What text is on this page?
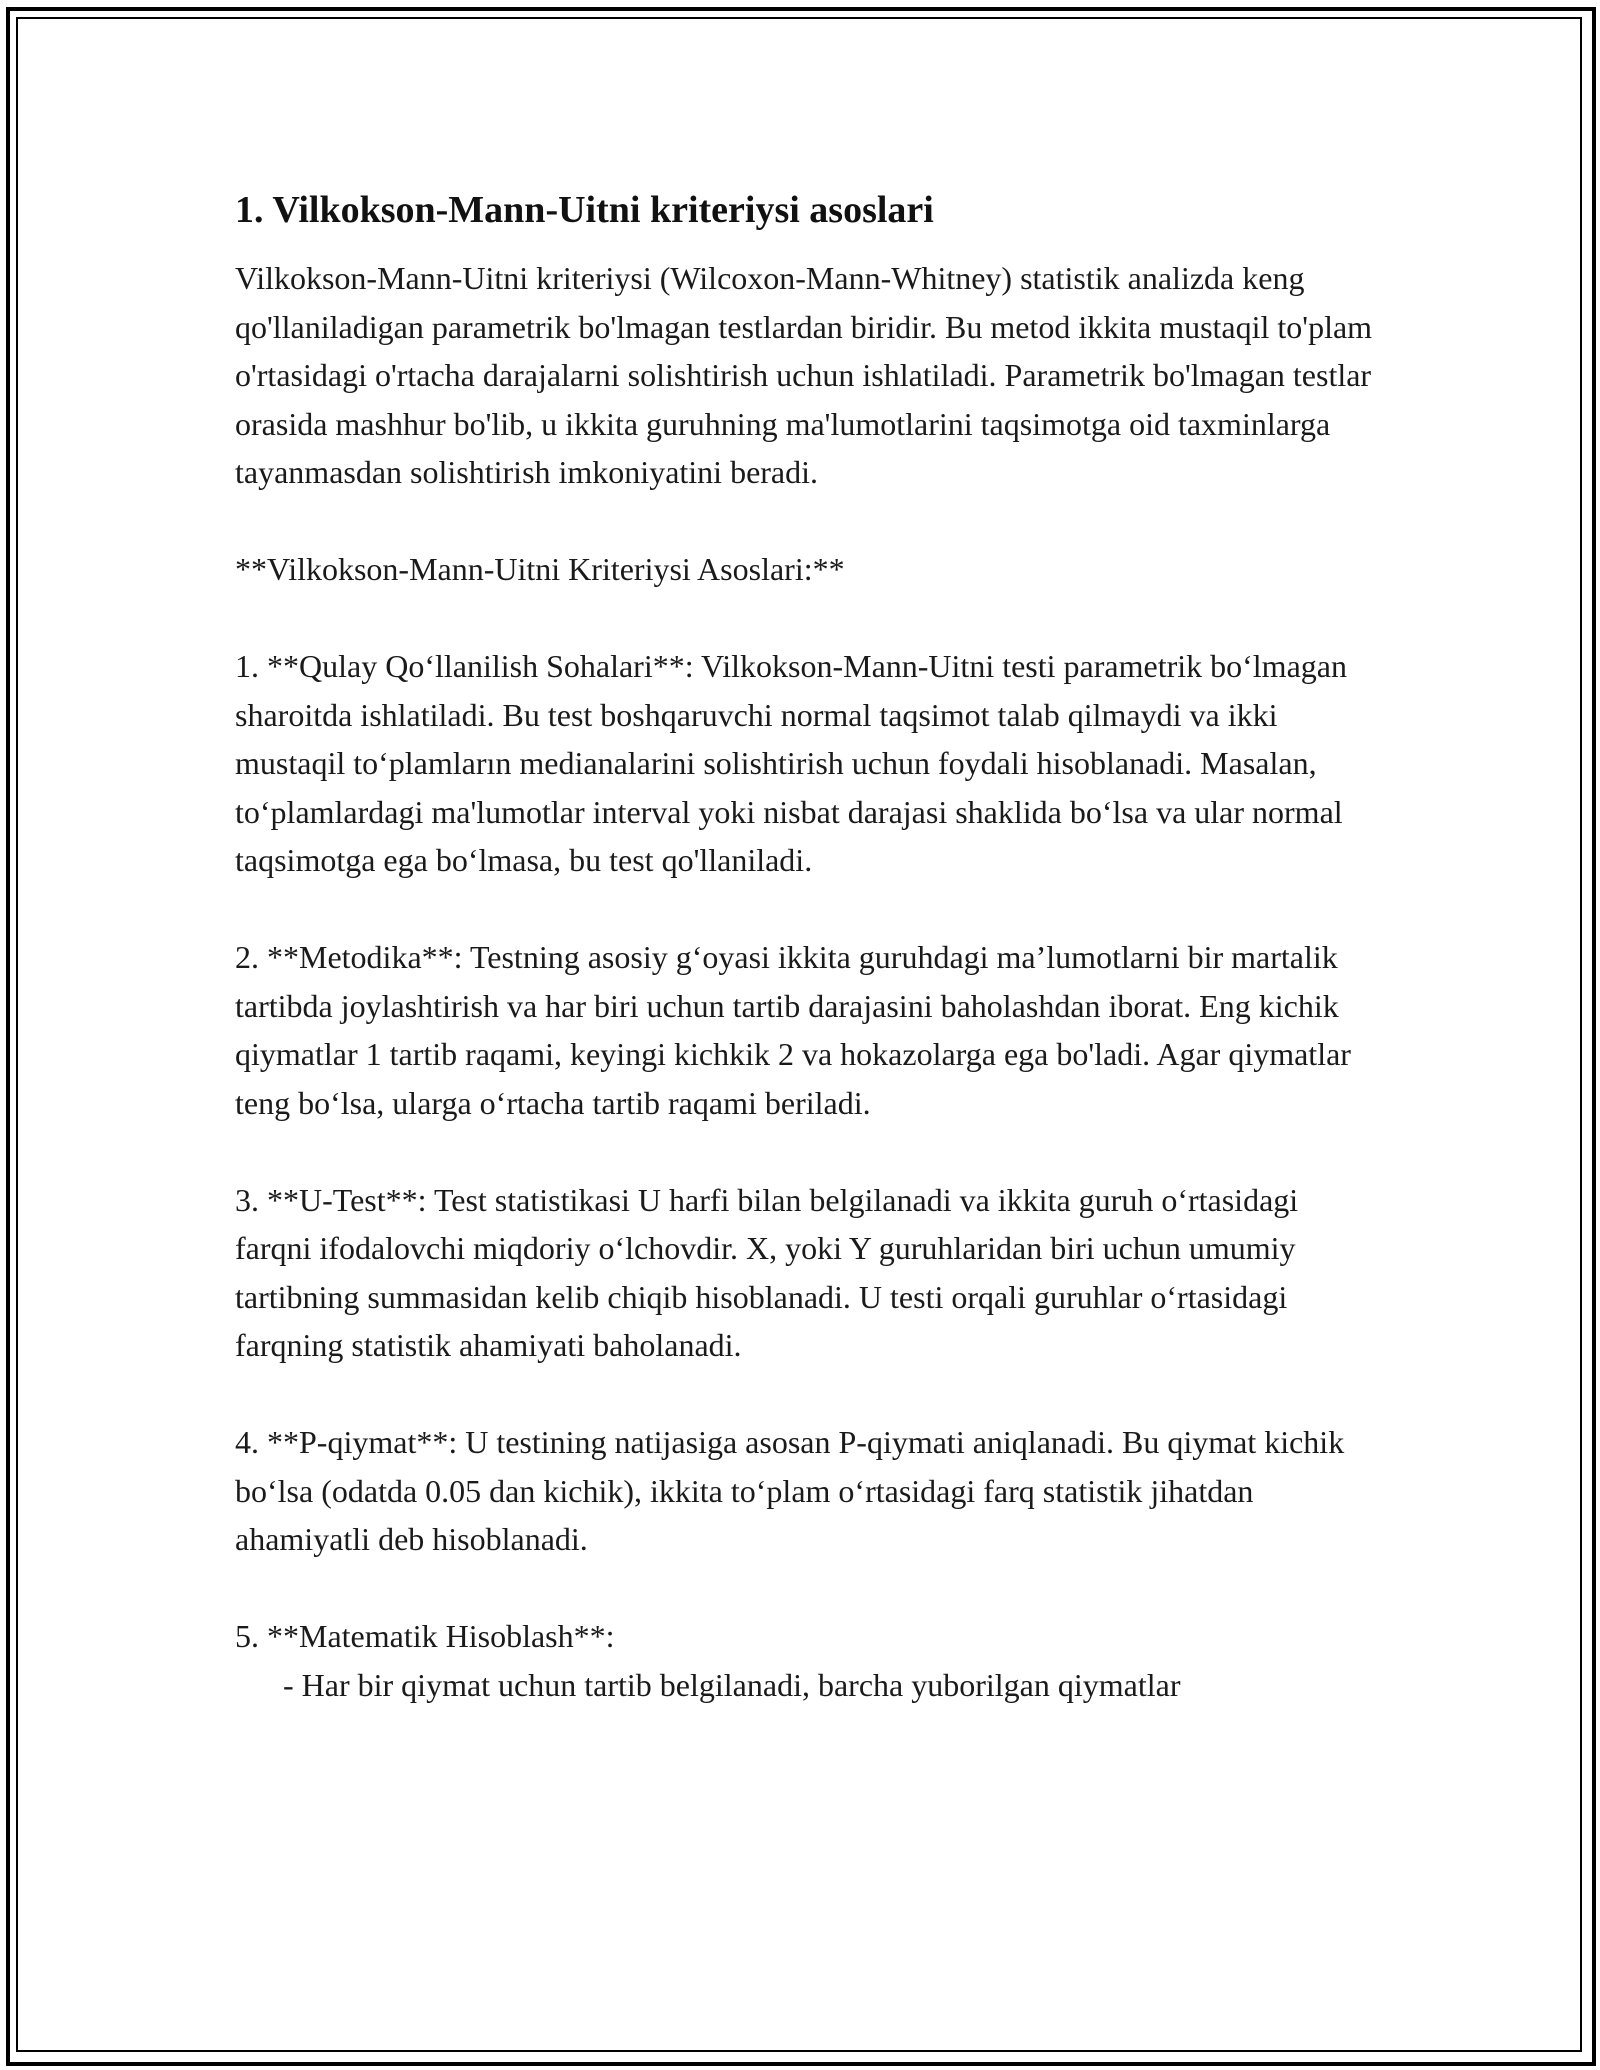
1. Vilkokson-Mann-Uitni kriteriysi asoslari

Vilkokson-Mann-Uitni kriteriysi (Wilcoxon-Mann-Whitney) statistik analizda keng qo'llaniladigan parametrik bo'lmagan testlardan biridir. Bu metod ikkita mustaqil to'plam o'rtasidagi o'rtacha darajalarni solishtirish uchun ishlatiladi. Parametrik bo'lmagan testlar orasida mashhur bo'lib, u ikkita guruhning ma'lumotlarini taqsimotga oid taxminlarga tayanmasdan solishtirish imkoniyatini beradi.

**Vilkokson-Mann-Uitni Kriteriysi Asoslari:**

1. **Qulay Qo‘llanilish Sohalari**: Vilkokson-Mann-Uitni testi parametrik bo‘lmagan sharoitda ishlatiladi. Bu test boshqaruvchi normal taqsimot talab qilmaydi va ikki mustaqil to‘plamların medianalarini solishtirish uchun foydali hisoblanadi. Masalan, to‘plamlardagi ma'lumotlar interval yoki nisbat darajasi shaklida bo‘lsa va ular normal taqsimotga ega bo‘lmasa, bu test qo'llaniladi.

2. **Metodika**: Testning asosiy g‘oyasi ikkita guruhdagi ma’lumotlarni bir martalik tartibda joylashtirish va har biri uchun tartib darajasini baholashdan iborat. Eng kichik qiymatlar 1 tartib raqami, keyingi kichkik 2 va hokazolarga ega bo'ladi. Agar qiymatlar teng bo‘lsa, ularga o‘rtacha tartib raqami beriladi.

3. **U-Test**: Test statistikasi U harfi bilan belgilanadi va ikkita guruh o‘rtasidagi farqni ifodalovchi miqdoriy o‘lchovdir. X, yoki Y guruhlaridan biri uchun umumiy tartibning summasidan kelib chiqib hisoblanadi. U testi orqali guruhlar o‘rtasidagi farqning statistik ahamiyati baholanadi.

4. **P-qiymat**: U testining natijasiga asosan P-qiymati aniqlanadi. Bu qiymat kichik bo‘lsa (odatda 0.05 dan kichik), ikkita to‘plam o‘rtasidagi farq statistik jihatdan ahamiyatli deb hisoblanadi.

5. **Matematik Hisoblash**:

- Har bir qiymat uchun tartib belgilanadi, barcha yuborilgan qiymatlar
